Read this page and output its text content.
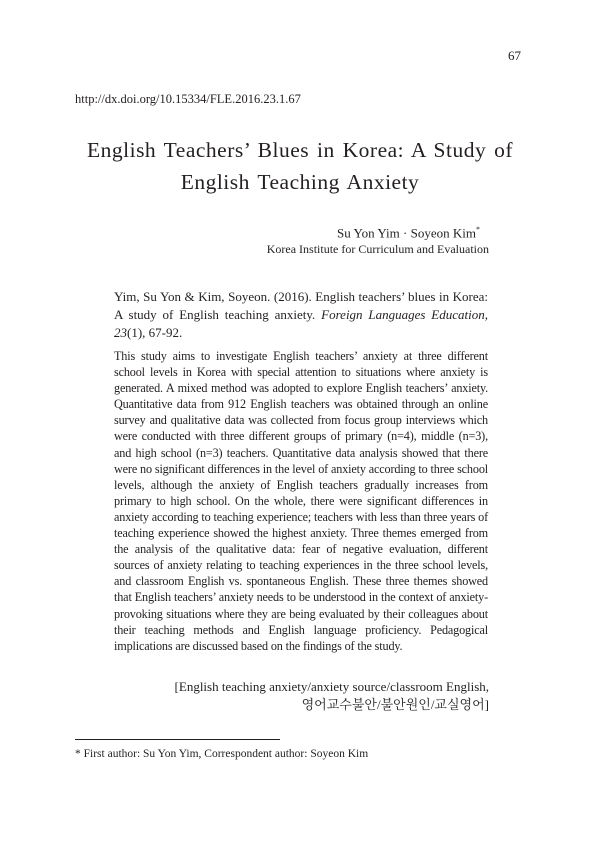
67
http://dx.doi.org/10.15334/FLE.2016.23.1.67
English Teachers’ Blues in Korea: A Study of
English Teaching Anxiety
Su Yon Yim · Soyeon Kim*
Korea Institute for Curriculum and Evaluation

Yim, Su Yon & Kim, Soyeon. (2016). English teachers’ blues in Korea: A study of English teaching anxiety. Foreign Languages Education, 23(1), 67-92.

This study aims to investigate English teachers’ anxiety at three different school levels in Korea with special attention to situations where anxiety is generated. A mixed method was adopted to explore English teachers’ anxiety. Quantitative data from 912 English teachers was obtained through an online survey and qualitative data was collected from focus group interviews which were conducted with three different groups of primary (n=4), middle (n=3), and high school (n=3) teachers. Quantitative data analysis showed that there were no significant differences in the level of anxiety according to three school levels, although the anxiety of English teachers gradually increases from primary to high school. On the whole, there were significant differences in anxiety according to teaching experience; teachers with less than three years of teaching experience showed the highest anxiety. Three themes emerged from the analysis of the qualitative data: fear of negative evaluation, different sources of anxiety relating to teaching experiences in the three school levels, and classroom English vs. spontaneous English. These three themes showed that English teachers’ anxiety needs to be understood in the context of anxiety-provoking situations where they are being evaluated by their colleagues about their teaching methods and English language proficiency. Pedagogical implications are discussed based on the findings of the study.

[English teaching anxiety/anxiety source/classroom English,
영어교수불안/불안원인/교실영어]
* First author: Su Yon Yim, Correspondent author: Soyeon Kim
